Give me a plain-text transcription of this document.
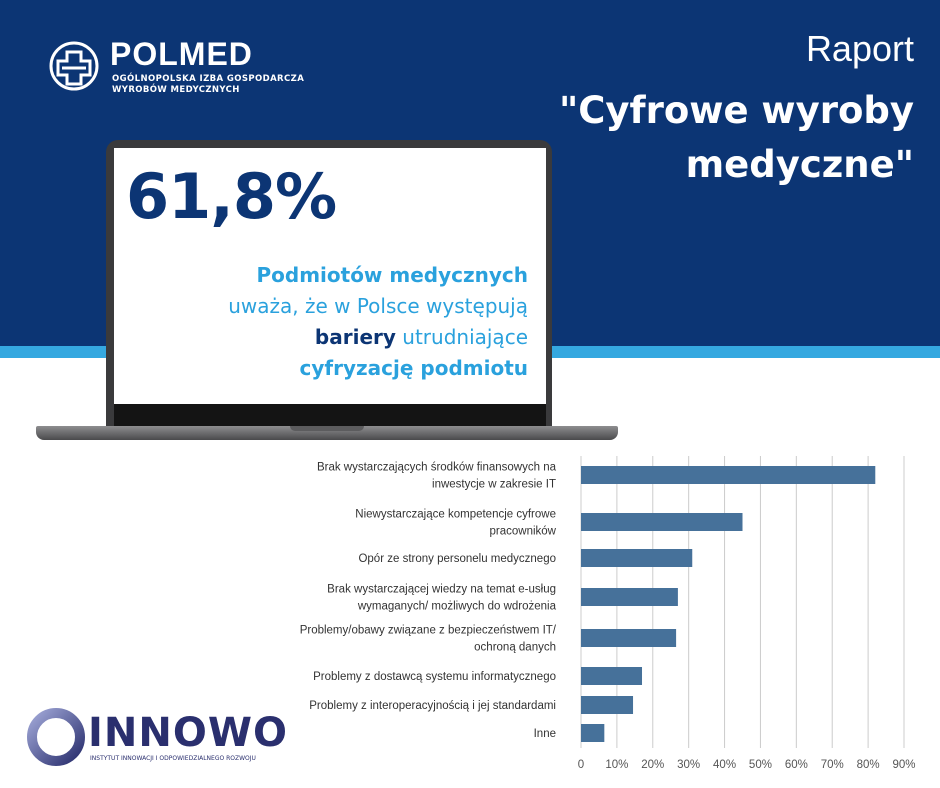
POLMED
OGÓLNOPOLSKA IZBA GOSPODARCZA
WYROBÓW MEDYCZNYCH
Raport
"Cyfrowe wyroby
medyczne"
61,8%
Podmiotów medycznych
uważa, że w Polsce występują
bariery utrudniające
cyfryzację podmiotu
0 10% 20% 30% 40% 50% 60% 70% 80% 90%
Brak wystarczających środków finansowych na
inwestycje w zakresie IT
Niewystarczające kompetencje cyfrowe
pracowników
Opór ze strony personelu medycznego
Brak wystarczającej wiedzy na temat e-usług
wymaganych/ możliwych do wdrożenia
Problemy/obawy związane z bezpieczeństwem IT/
ochroną danych
Problemy z dostawcą systemu informatycznego
Problemy z interoperacyjnością i jej standardami
Inne
INNOWO
INSTYTUT INNOWACJI I ODPOWIEDZIALNEGO ROZWOJU
